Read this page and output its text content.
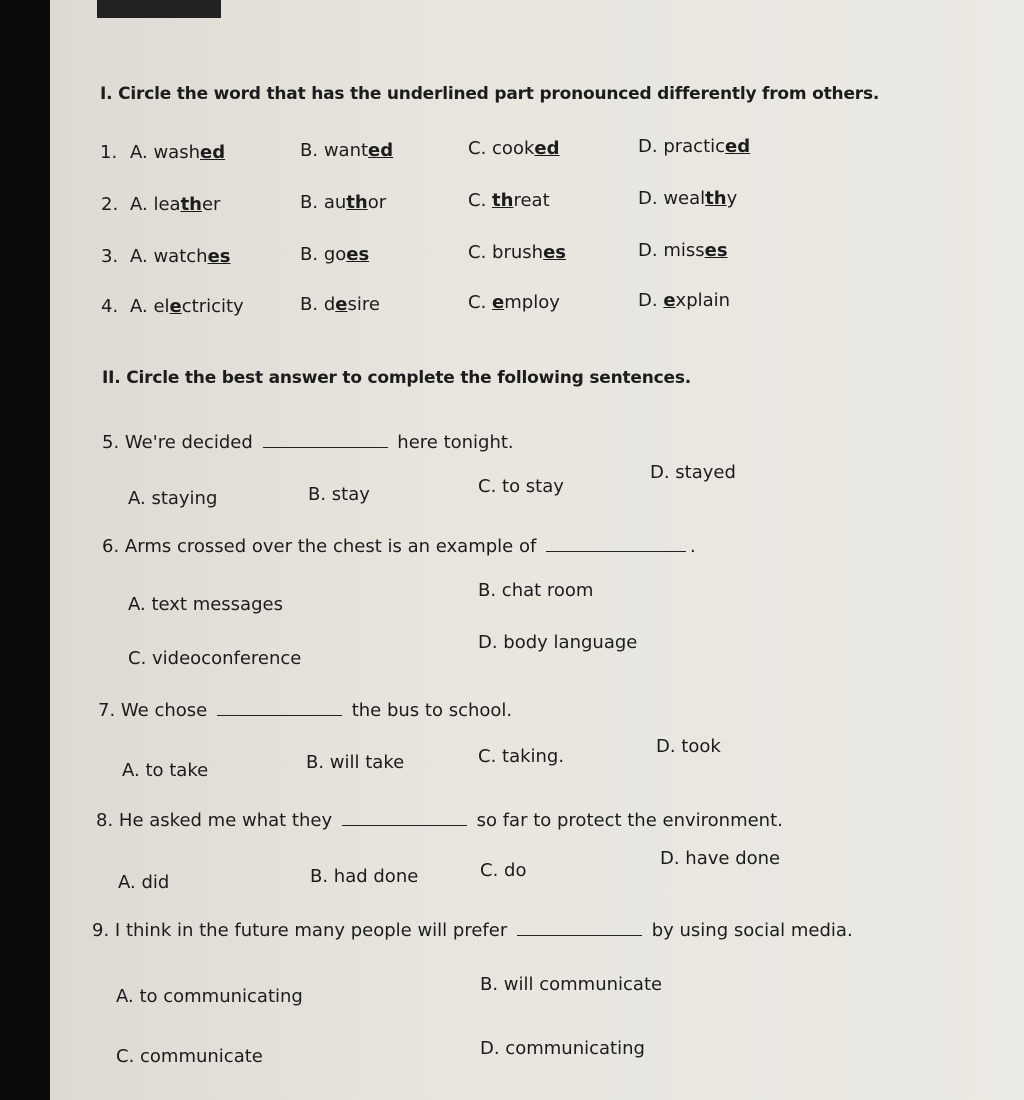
I. Circle the word that has the underlined part pronounced differently from others.
1. A. washed	B. wanted	C. cooked	D. practiced
2. A. leather	B. author	C. threat	D. wealthy
3. A. watches	B. goes	C. brushes	D. misses
4. A. electricity	B. desire	C. employ	D. explain
II. Circle the best answer to complete the following sentences.
5. We're decided	here tonight.
A. staying	B. stay	C. to stay
D. stayed
6. Arms crossed over the chest is an example of	.
A. text messages
B. chat room
C. videoconference
D. body language
7. We chose	the bus to school.
A. to take	B. will take	C. taking.	D. took
8. He asked me what they	so far to protect the environment.
A. did	B. had done	C. do
D. have done
9. I think in the future many people will prefer	by using social media.
A. to communicating
B. will communicate
C. communicate	D. communicating
